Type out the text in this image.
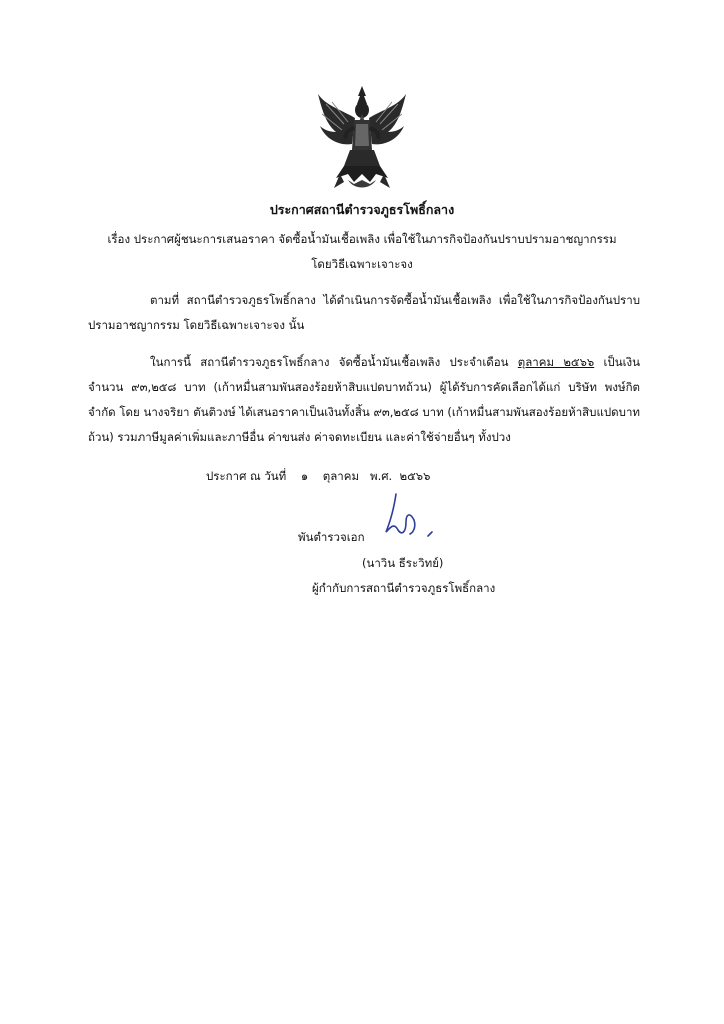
ประกาศสถานีตำรวจภูธรโพธิ์กลาง
เรื่อง ประกาศผู้ชนะการเสนอราคา จัดซื้อน้ำมันเชื้อเพลิง เพื่อใช้ในภารกิจป้องกันปราบปรามอาชญากรรม
โดยวิธีเฉพาะเจาะจง
ตามที่ สถานีตำรวจภูธรโพธิ์กลาง ได้ดำเนินการจัดซื้อน้ำมันเชื้อเพลิง เพื่อใช้ในภารกิจป้องกันปราบปรามอาชญากรรม โดยวิธีเฉพาะเจาะจง นั้น
ในการนี้ สถานีตำรวจภูธรโพธิ์กลาง จัดซื้อน้ำมันเชื้อเพลิง ประจำเดือน ตุลาคม ๒๕๖๖ เป็นเงินจำนวน ๙๓,๒๕๘ บาท (เก้าหมื่นสามพันสองร้อยห้าสิบแปดบาทถ้วน) ผู้ได้รับการคัดเลือกได้แก่ บริษัท พงษ์กิต จำกัด โดย นางจริยา ตันติวงษ์ ได้เสนอราคาเป็นเงินทั้งสิ้น ๙๓,๒๕๘ บาท (เก้าหมื่นสามพันสองร้อยห้าสิบแปดบาทถ้วน) รวมภาษีมูลค่าเพิ่มและภาษีอื่น ค่าขนส่ง ค่าจดทะเบียน และค่าใช้จ่ายอื่นๆ ทั้งปวง
ประกาศ ณ วันที่    ๑    ตุลาคม   พ.ศ.  ๒๕๖๖
พันตำรวจเอก
(นาวิน ธีระวิทย์)
ผู้กำกับการสถานีตำรวจภูธรโพธิ์กลาง
